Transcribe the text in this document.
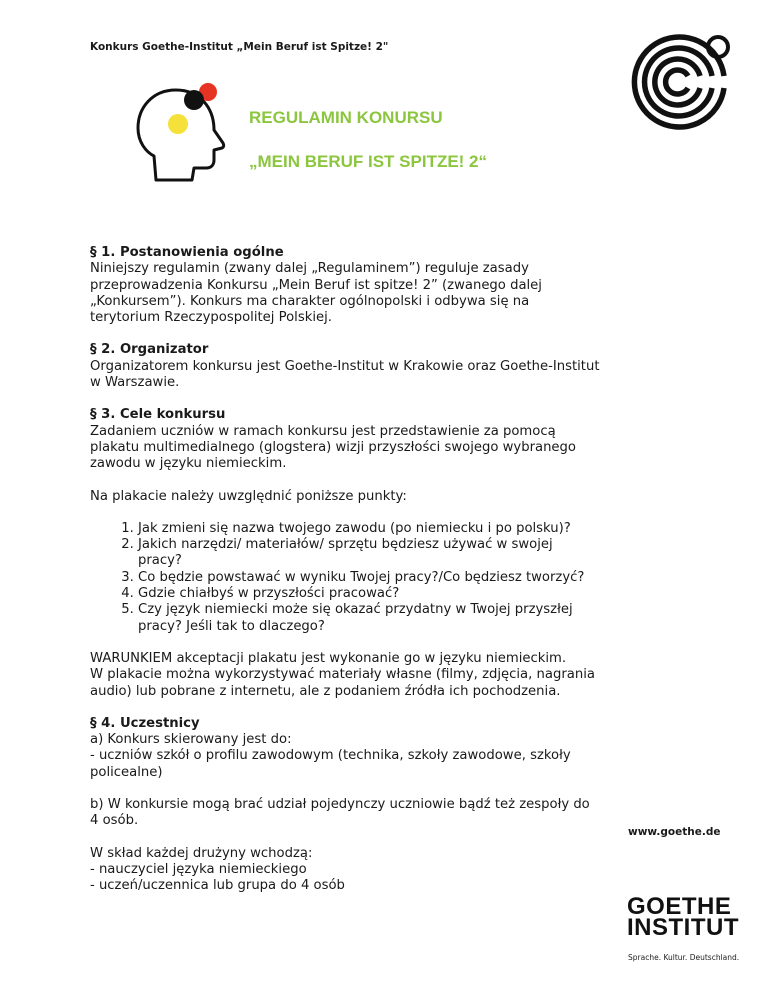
Konkurs Goethe-Institut „Mein Beruf ist Spitze! 2"
REGULAMIN KONURSU
„MEIN BERUF IST SPITZE! 2“
§ 1. Postanowienia ogólne

Niniejszy regulamin (zwany dalej „Regulaminem”) reguluje zasady przeprowadzenia Konkursu „Mein Beruf ist spitze! 2” (zwanego dalej „Konkursem”). Konkurs ma charakter ogólnopolski i odbywa się na terytorium Rzeczypospolitej Polskiej.

§ 2. Organizator

Organizatorem konkursu jest Goethe-Institut w Krakowie oraz Goethe-Institut w Warszawie.

§ 3. Cele konkursu

Zadaniem uczniów w ramach konkursu jest przedstawienie za pomocą plakatu multimedialnego (glogstera) wizji przyszłości swojego wybranego zawodu w języku niemieckim.

Na plakacie należy uwzględnić poniższe punkty:

1. Jak zmieni się nazwa twojego zawodu (po niemiecku i po polsku)?
2. Jakich narzędzi/ materiałów/ sprzętu będziesz używać w swojej pracy?
3. Co będzie powstawać w wyniku Twojej pracy?/Co będziesz tworzyć?
4. Gdzie chiałbyś w przyszłości pracować?
5. Czy język niemiecki może się okazać przydatny w Twojej przyszłej pracy? Jeśli tak to dlaczego?
WARUNKIEM akceptacji plakatu jest wykonanie go w języku niemieckim.
W plakacie można wykorzystywać materiały własne (filmy, zdjęcia, nagrania audio) lub pobrane z internetu, ale z podaniem źródła ich pochodzenia.
§ 4. Uczestnicy
a) Konkurs skierowany jest do:
- uczniów szkół o profilu zawodowym (technika, szkoły zawodowe, szkoły policealne)

b) W konkursie mogą brać udział pojedynczy uczniowie bądź też zespoły do 4 osób.

W skład każdej drużyny wchodzą:
- nauczyciel języka niemieckiego
- uczeń/uczennica lub grupa do 4 osób
www.goethe.de
GOETHE
INSTITUT
Sprache. Kultur. Deutschland.
